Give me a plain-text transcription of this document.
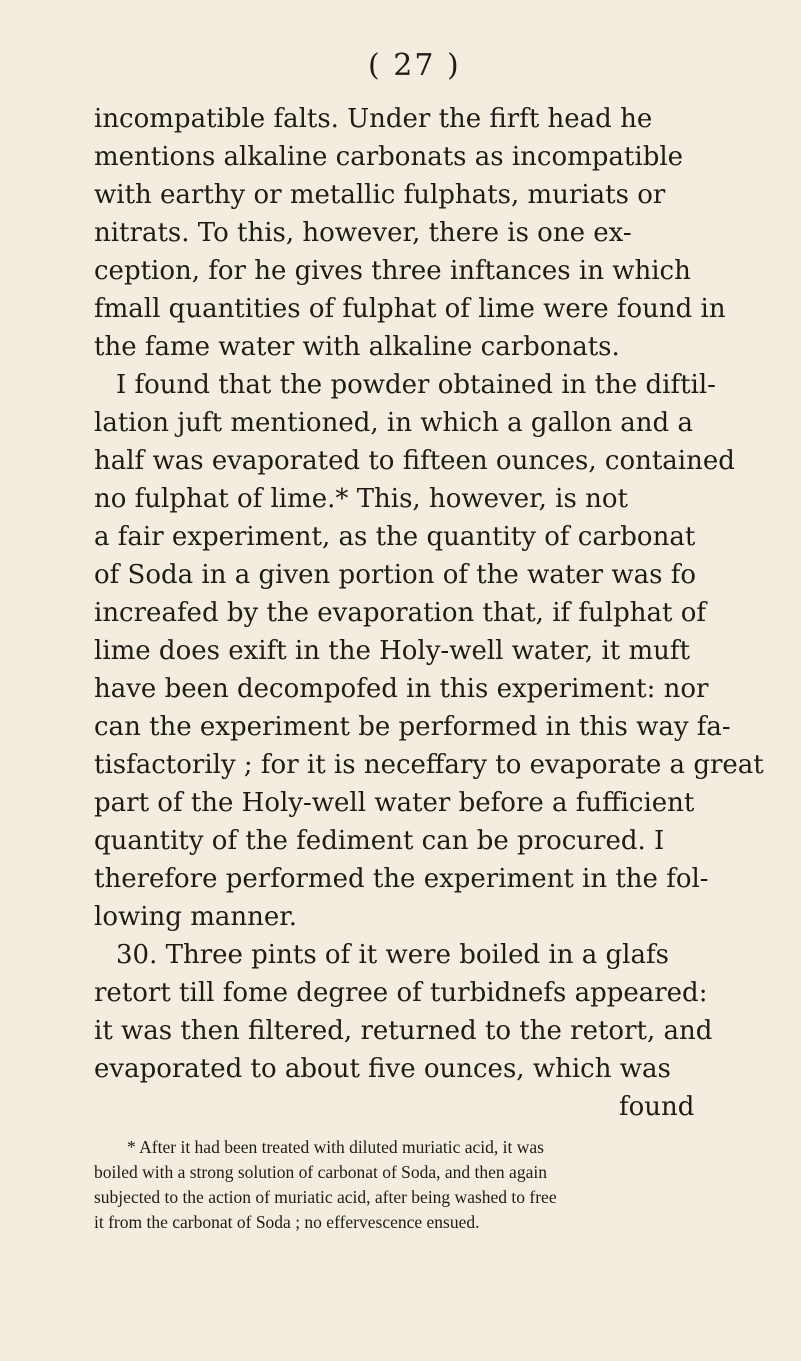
( 27 )
incompatible falts. Under the firft head he
mentions alkaline carbonats as incompatible
with earthy or metallic fulphats, muriats or
nitrats. To this, however, there is one ex-
ception, for he gives three inftances in which
fmall quantities of fulphat of lime were found in
the fame water with alkaline carbonats.
I found that the powder obtained in the diftil-
lation juft mentioned, in which a gallon and a
half was evaporated to fifteen ounces, contained
no fulphat of lime.* This, however, is not
a fair experiment, as the quantity of carbonat
of Soda in a given portion of the water was fo
increafed by the evaporation that, if fulphat of
lime does exift in the Holy-well water, it muft
have been decompofed in this experiment: nor
can the experiment be performed in this way fa-
tisfactorily ; for it is neceffary to evaporate a great
part of the Holy-well water before a fufficient
quantity of the fediment can be procured. I
therefore performed the experiment in the fol-
lowing manner.
30. Three pints of it were boiled in a glafs
retort till fome degree of turbidnefs appeared:
it was then filtered, returned to the retort, and
evaporated to about five ounces, which was
found
* After it had been treated with diluted muriatic acid, it was
boiled with a strong solution of carbonat of Soda, and then again
subjected to the action of muriatic acid, after being washed to free
it from the carbonat of Soda ; no effervescence ensued.
